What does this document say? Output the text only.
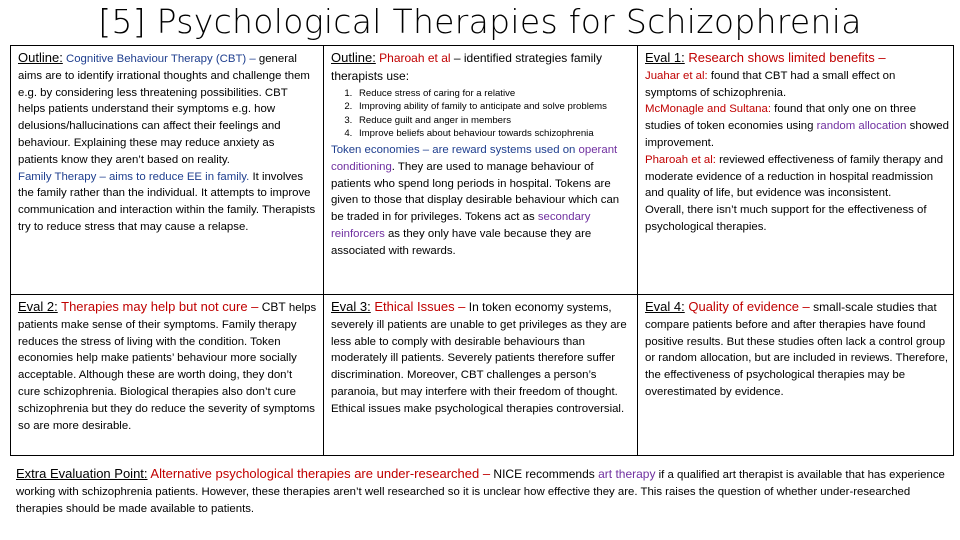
[5] Psychological Therapies for Schizophrenia
Outline: Cognitive Behaviour Therapy (CBT) – general aims are to identify irrational thoughts and challenge them e.g. by considering less threatening possibilities. CBT helps patients understand their symptoms e.g. how delusions/hallucinations can affect their feelings and behaviour. Explaining these may reduce anxiety as patients know they aren’t based on reality.
Family Therapy – aims to reduce EE in family. It involves the family rather than the individual. It attempts to improve communication and interaction within the family. Therapists try to reduce stress that may cause a relapse.
Outline: Pharoah et al – identified strategies family therapists use:
1. Reduce stress of caring for a relative
2. Improving ability of family to anticipate and solve problems
3. Reduce guilt and anger in members
4. Improve beliefs about behaviour towards schizophrenia
Token economies – are reward systems used on operant conditioning. They are used to manage behaviour of patients who spend long periods in hospital. Tokens are given to those that display desirable behaviour which can be traded in for privileges. Tokens act as secondary reinforcers as they only have vale because they are associated with rewards.
Eval 1: Research shows limited benefits –
Juahar et al: found that CBT had a small effect on symptoms of schizophrenia.
McMonagle and Sultana: found that only one on three studies of token economies using random allocation showed improvement.
Pharoah et al: reviewed effectiveness of family therapy and moderate evidence of a reduction in hospital readmission and quality of life, but evidence was inconsistent.
Overall, there isn’t much support for the effectiveness of psychological therapies.
Eval 2: Therapies may help but not cure – CBT helps patients make sense of their symptoms. Family therapy reduces the stress of living with the condition. Token economies help make patients’ behaviour more socially acceptable. Although these are worth doing, they don’t cure schizophrenia. Biological therapies also don’t cure schizophrenia but they do reduce the severity of symptoms so are more desirable.
Eval 3: Ethical Issues – In token economy systems, severely ill patients are unable to get privileges as they are less able to comply with desirable behaviours than moderately ill patients. Severely patients therefore suffer discrimination. Moreover, CBT challenges a person’s paranoia, but may interfere with their freedom of thought. Ethical issues make psychological therapies controversial.
Eval 4: Quality of evidence – small-scale studies that compare patients before and after therapies have found positive results. But these studies often lack a control group or random allocation, but are included in reviews. Therefore, the effectiveness of psychological therapies may be overestimated by evidence.
Extra Evaluation Point: Alternative psychological therapies are under-researched – NICE recommends art therapy if a qualified art therapist is available that has experience working with schizophrenia patients. However, these therapies aren’t well researched so it is unclear how effective they are. This raises the question of whether under-researched therapies should be made available to patients.
